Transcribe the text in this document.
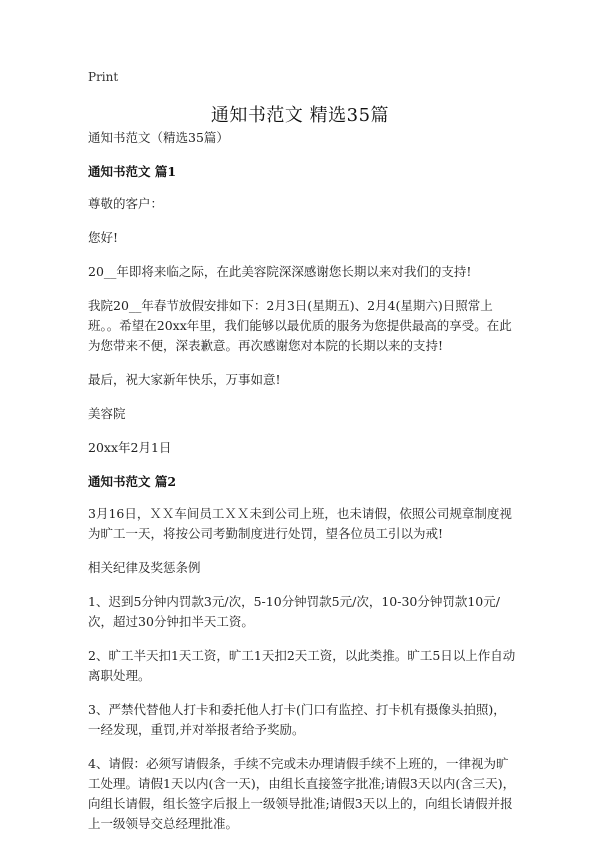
Print
通知书范文 精选35篇

通知书范文（精选35篇）

通知书范文 篇1

尊敬的客户：

您好!

20__年即将来临之际，在此美容院深深感谢您长期以来对我们的支持!

我院20__年春节放假安排如下：2月3日(星期五)、2月4(星期六)日照常上班。。希望在20xx年里，我们能够以最优质的服务为您提供最高的享受。在此为您带来不便，深表歉意。再次感谢您对本院的长期以来的支持!

最后，祝大家新年快乐，万事如意!

美容院

20xx年2月1日

通知书范文 篇2

3月16日，ＸＸ车间员工ＸＸ未到公司上班，也未请假，依照公司规章制度视为旷工一天，将按公司考勤制度进行处罚，望各位员工引以为戒!

相关纪律及奖惩条例

1、迟到5分钟内罚款3元/次，5-10分钟罚款5元/次，10-30分钟罚款10元/次，超过30分钟扣半天工资。

2、旷工半天扣1天工资，旷工1天扣2天工资，以此类推。旷工5日以上作自动离职处理。

3、严禁代替他人打卡和委托他人打卡(门口有监控、打卡机有摄像头拍照)，一经发现，重罚,并对举报者给予奖励。

4、请假：必须写请假条，手续不完或未办理请假手续不上班的，一律视为旷工处理。请假1天以内(含一天)，由组长直接签字批准;请假3天以内(含三天)，向组长请假，组长签字后报上一级领导批准;请假3天以上的，向组长请假并报上一级领导交总经理批准。
